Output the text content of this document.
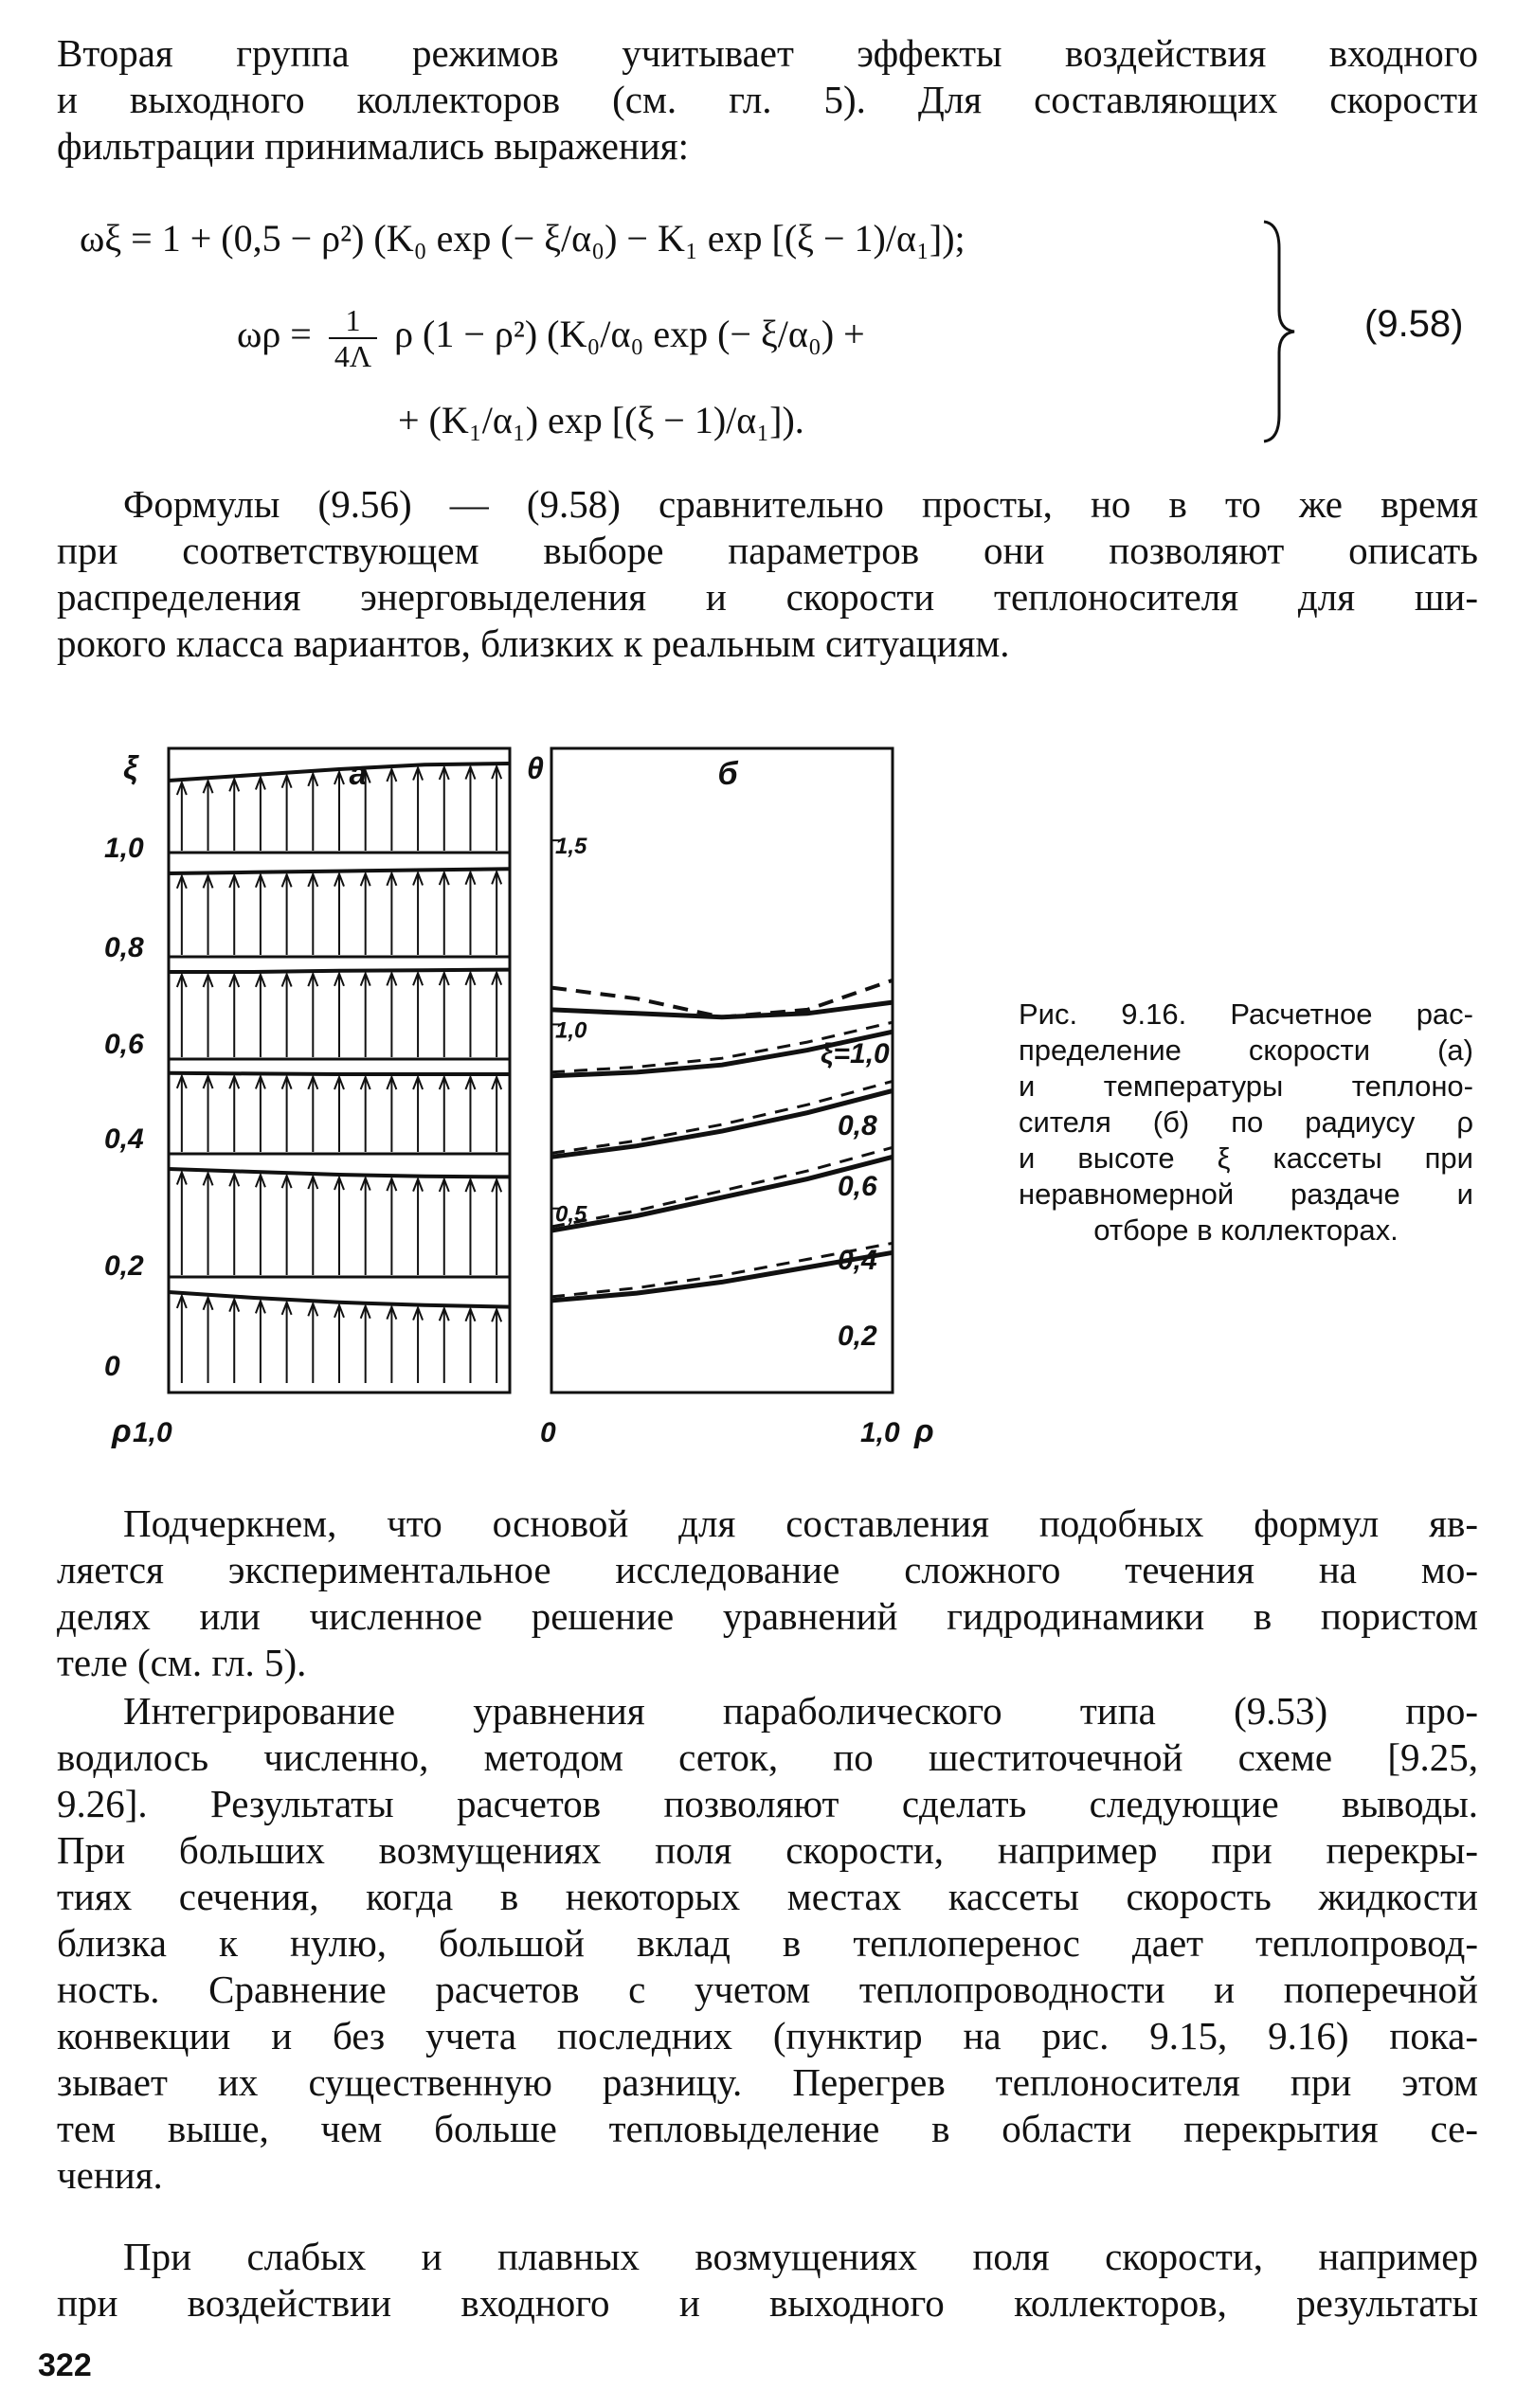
Вторая группа режимов учитывает эффекты воздействия входного
и выходного коллекторов (см. гл. 5). Для составляющих скорости
фильтрации принимались выражения:
ωξ = 1 + (0,5 − ρ²) (K₀ exp (− ξ/α₀) − K₁ exp [(ξ − 1)/α₁]);
$\omega\rho = \frac{1}{4\Lambda}$ ρ (1 − ρ²) (K₀/α₀ exp (− ξ/α₀) +
+ (K₁/α₁) exp [(ξ − 1)/α₁]).
(9.58)
Формулы (9.56) — (9.58) сравнительно просты, но в то же время
при соответствующем выборе параметров они позволяют описать
распределения энерговыделения и скорости теплоносителя для ши-
рокого класса вариантов, близких к реальным ситуациям.
а
ξ
0
0,2
0,4
0,6
0,8
1,0
ρ 1,0
б
θ
0,5
1,0
1,5
0	1,0 ρ
ξ=1,0
0,8
0,6
0,4
0,2
Рис. 9.16. Расчетное рас-
пределение скорости (а)
и температуры теплоно-
сителя (б) по радиусу ρ
и высоте ξ кассеты при
неравномерной раздаче и
отборе в коллекторах.
Подчеркнем, что основой для составления подобных формул яв-
ляется экспериментальное исследование сложного течения на мо-
делях или численное решение уравнений гидродинамики в пористом
теле (см. гл. 5).
Интегрирование уравнения параболического типа (9.53) про-
водилось численно, методом сеток, по шеститочечной схеме [9.25,
9.26]. Результаты расчетов позволяют сделать следующие выводы.
При больших возмущениях поля скорости, например при перекры-
тиях сечения, когда в некоторых местах кассеты скорость жидкости
близка к нулю, большой вклад в теплоперенос дает теплопровод-
ность. Сравнение расчетов с учетом теплопроводности и поперечной
конвекции и без учета последних (пунктир на рис. 9.15, 9.16) пока-
зывает их существенную разницу. Перегрев теплоносителя при этом
тем выше, чем больше тепловыделение в области перекрытия се-
чения.
При слабых и плавных возмущениях поля скорости, например
при воздействии входного и выходного коллекторов, результаты
322
